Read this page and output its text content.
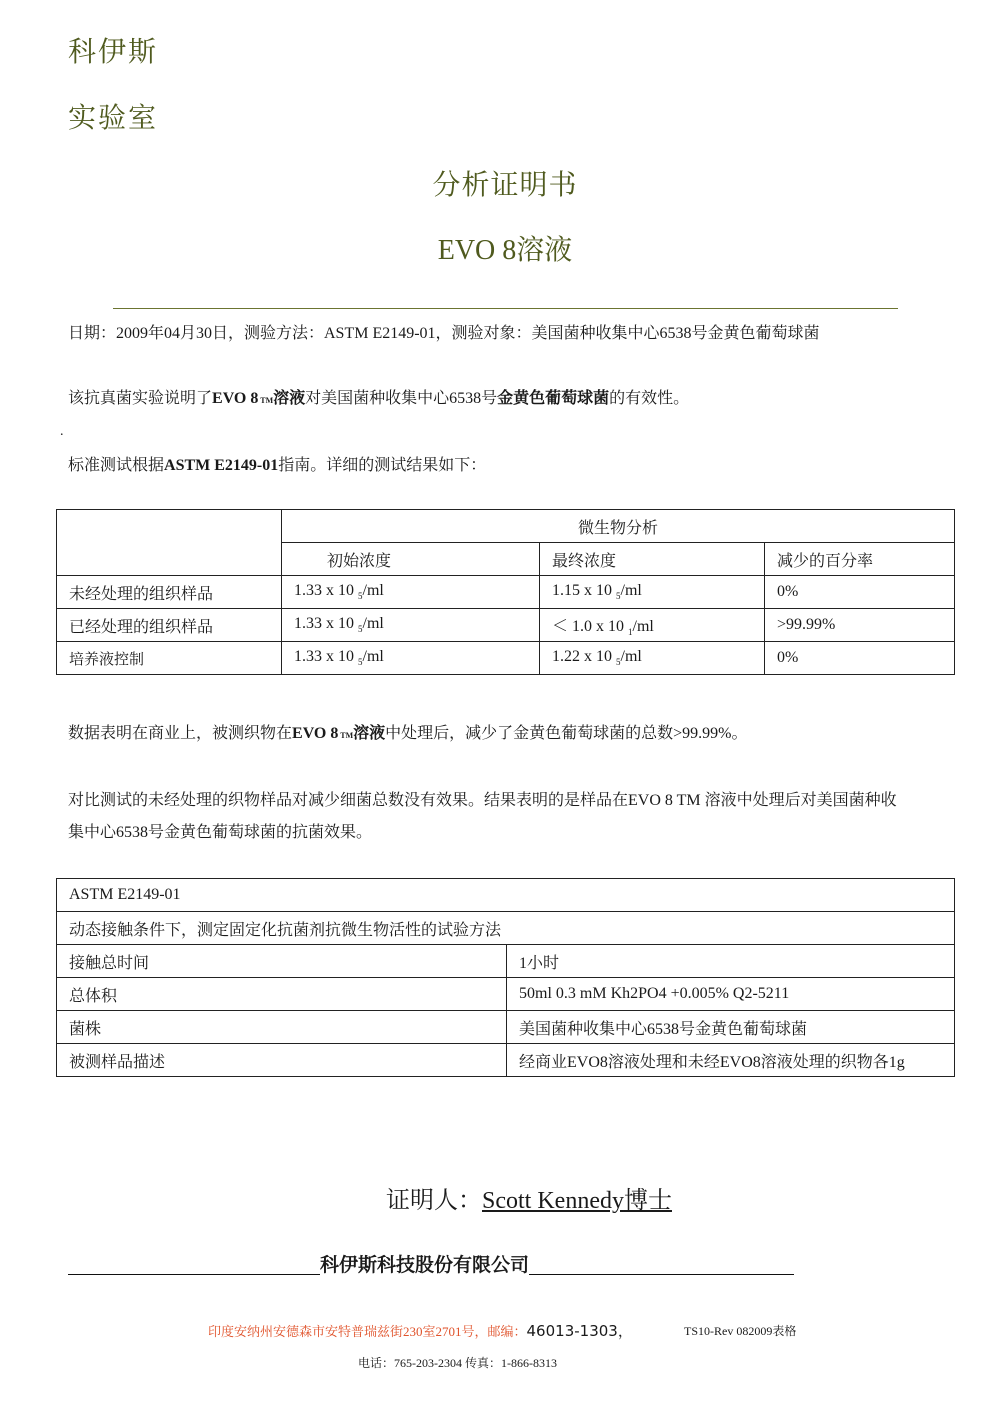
科伊斯
实验室
分析证明书
EVO 8溶液
日期：2009年04月30日，测验方法：ASTM E2149-01，测验对象：美国菌种收集中心6538号金黄色葡萄球菌
该抗真菌实验说明了EVO 8 TM溶液对美国菌种收集中心6538号金黄色葡萄球菌的有效性。
.
标准测试根据ASTM E2149-01指南。详细的测试结果如下：
	微生物分析		
	初始浓度	最终浓度	减少的百分率
未经处理的组织样品	1.33 x 10 $_5$/ml	1.15 x 10 $_5$/ml	0%
已经处理的组织样品	1.33 x 10 $_5$/ml	＜ 1.0 x 10 $_1$/ml	>99.99%
培养液控制	1.33 x 10 $_5$/ml	1.22 x 10 $_5$/ml	0%
数据表明在商业上，被测织物在EVO 8 TM溶液中处理后，减少了金黄色葡萄球菌的总数>99.99%。
对比测试的未经处理的织物样品对减少细菌总数没有效果。结果表明的是样品在EVO 8 TM 溶液中处理后对美国菌种收
集中心6538号金黄色葡萄球菌的抗菌效果。
ASTM E2149-01	
动态接触条件下，测定固定化抗菌剂抗微生物活性的试验方法	
接触总时间	1小时
总体积	50ml 0.3 mM Kh2PO4 +0.005% Q2-5211
菌株	美国菌种收集中心6538号金黄色葡萄球菌
被测样品描述	经商业EVO8溶液处理和未经EVO8溶液处理的织物各1g
证明人：Scott Kennedy博士
科伊斯科技股份有限公司
印度安纳州安德森市安特普瑞兹街230室2701号，邮编：46013-1303，	TS10-Rev 082009表格
电话：765-203-2304 传真：1-866-8313
